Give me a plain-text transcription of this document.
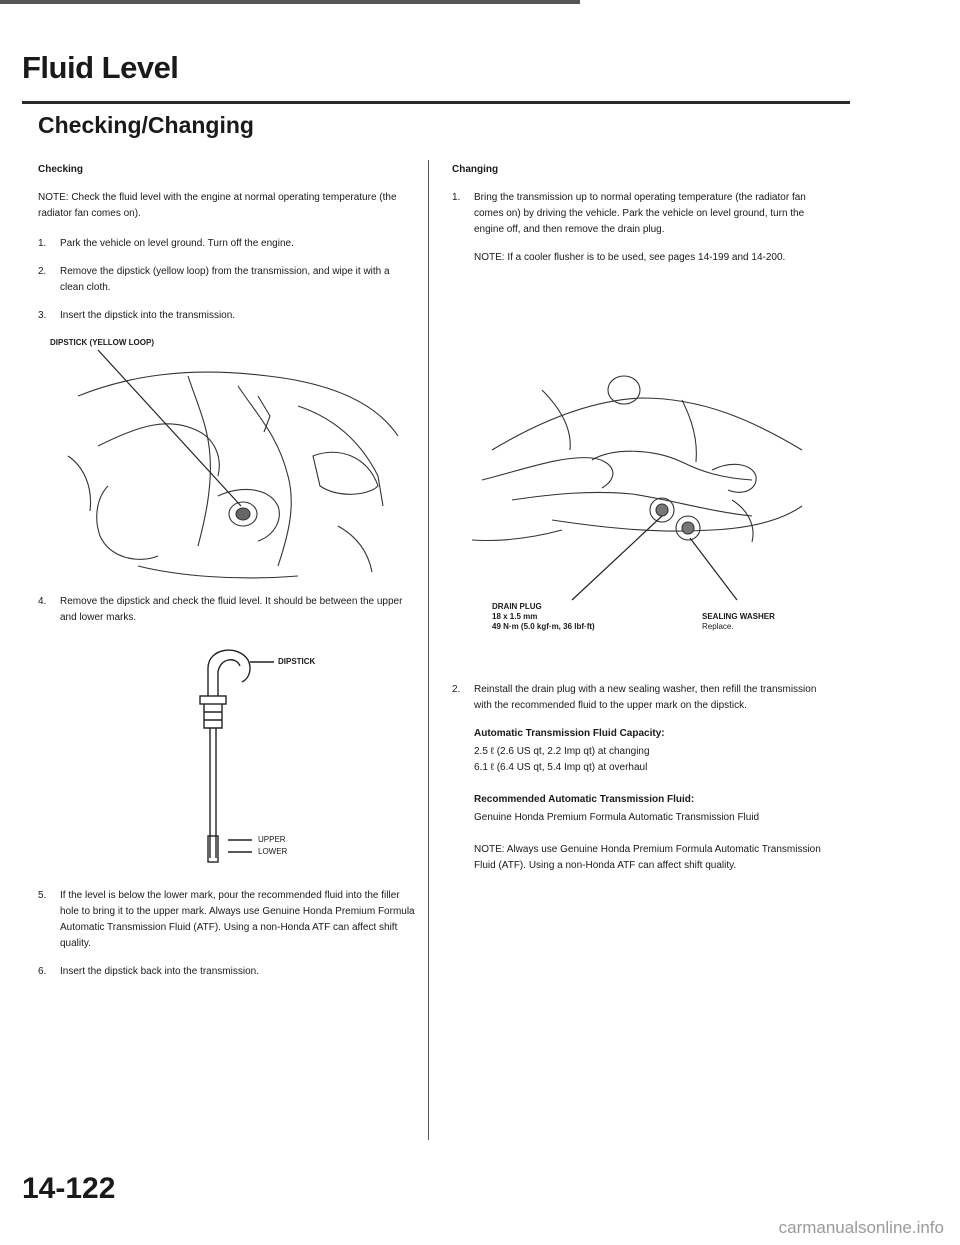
Fluid Level
Checking/Changing

Checking

NOTE: Check the fluid level with the engine at normal operating temperature (the radiator fan comes on).

1.	Park the vehicle on level ground. Turn off the engine.
2.	Remove the dipstick (yellow loop) from the transmission, and wipe it with a clean cloth.
3.	Insert the dipstick into the transmission.
DIPSTICK (YELLOW LOOP)
4.	Remove the dipstick and check the fluid level. It should be between the upper and lower marks.
DIPSTICK
UPPER
LOWER
5.	If the level is below the lower mark, pour the recommended fluid into the filler hole to bring it to the upper mark. Always use Genuine Honda Premium Formula Automatic Transmission Fluid (ATF). Using a non-Honda ATF can affect shift quality.
6.	Insert the dipstick back into the transmission.

Changing

1.	Bring the transmission up to normal operating temperature (the radiator fan comes on) by driving the vehicle. Park the vehicle on level ground, turn the engine off, and then remove the drain plug.

NOTE: If a cooler flusher is to be used, see pages 14-199 and 14-200.

DRAIN PLUG
18 x 1.5 mm
49 N·m (5.0 kgf·m, 36 lbf·ft)
SEALING WASHER
Replace.
2.	Reinstall the drain plug with a new sealing washer, then refill the transmission with the recommended fluid to the upper mark on the dipstick.

Automatic Transmission Fluid Capacity:

2.5 ℓ (2.6 US qt, 2.2 Imp qt) at changing
6.1 ℓ (6.4 US qt, 5.4 Imp qt) at overhaul

Recommended Automatic Transmission Fluid:

Genuine Honda Premium Formula Automatic Transmission Fluid

NOTE: Always use Genuine Honda Premium Formula Automatic Transmission Fluid (ATF). Using a non-Honda ATF can affect shift quality.

14-122

carmanualsonline.info
